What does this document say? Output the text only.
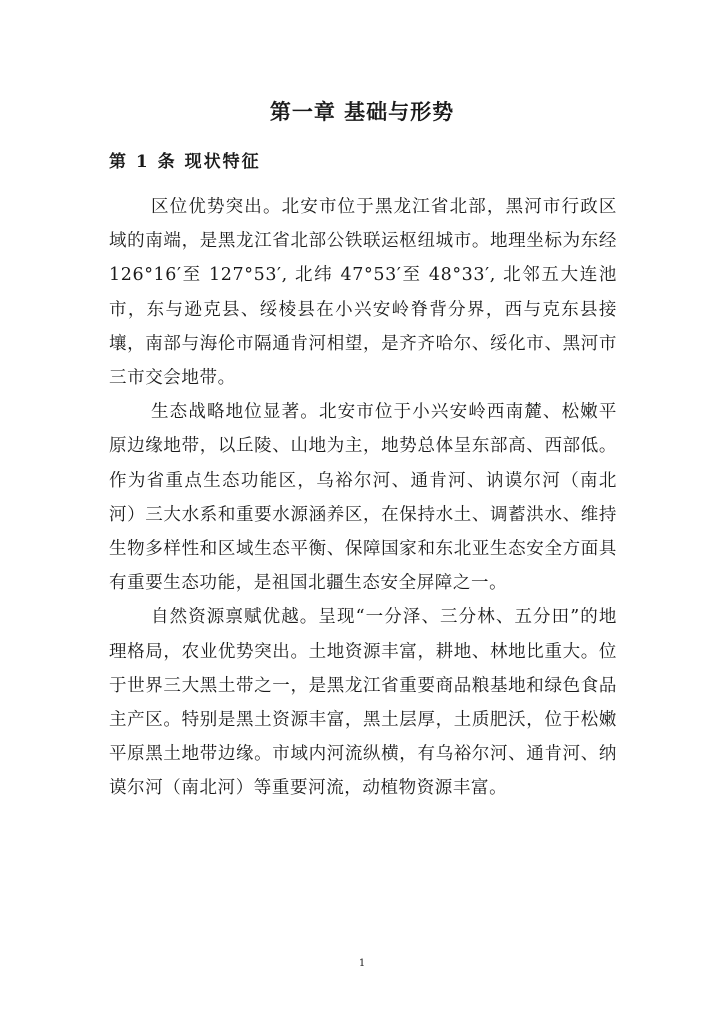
第一章 基础与形势
第 1 条 现状特征

区位优势突出。北安市位于黑龙江省北部，黑河市行政区域的南端，是黑龙江省北部公铁联运枢纽城市。地理坐标为东经 126°16′至 127°53′, 北纬 47°53′至 48°33′, 北邻五大连池市，东与逊克县、绥棱县在小兴安岭脊背分界，西与克东县接壤，南部与海伦市隔通肯河相望，是齐齐哈尔、绥化市、黑河市三市交会地带。

生态战略地位显著。北安市位于小兴安岭西南麓、松嫩平原边缘地带，以丘陵、山地为主，地势总体呈东部高、西部低。作为省重点生态功能区，乌裕尔河、通肯河、讷谟尔河（南北河）三大水系和重要水源涵养区，在保持水土、调蓄洪水、维持生物多样性和区域生态平衡、保障国家和东北亚生态安全方面具有重要生态功能，是祖国北疆生态安全屏障之一。

自然资源禀赋优越。呈现“一分泽、三分林、五分田”的地理格局，农业优势突出。土地资源丰富，耕地、林地比重大。位于世界三大黑土带之一，是黑龙江省重要商品粮基地和绿色食品主产区。特别是黑土资源丰富，黑土层厚，土质肥沃，位于松嫩平原黑土地带边缘。市域内河流纵横，有乌裕尔河、通肯河、纳谟尔河（南北河）等重要河流，动植物资源丰富。

1
